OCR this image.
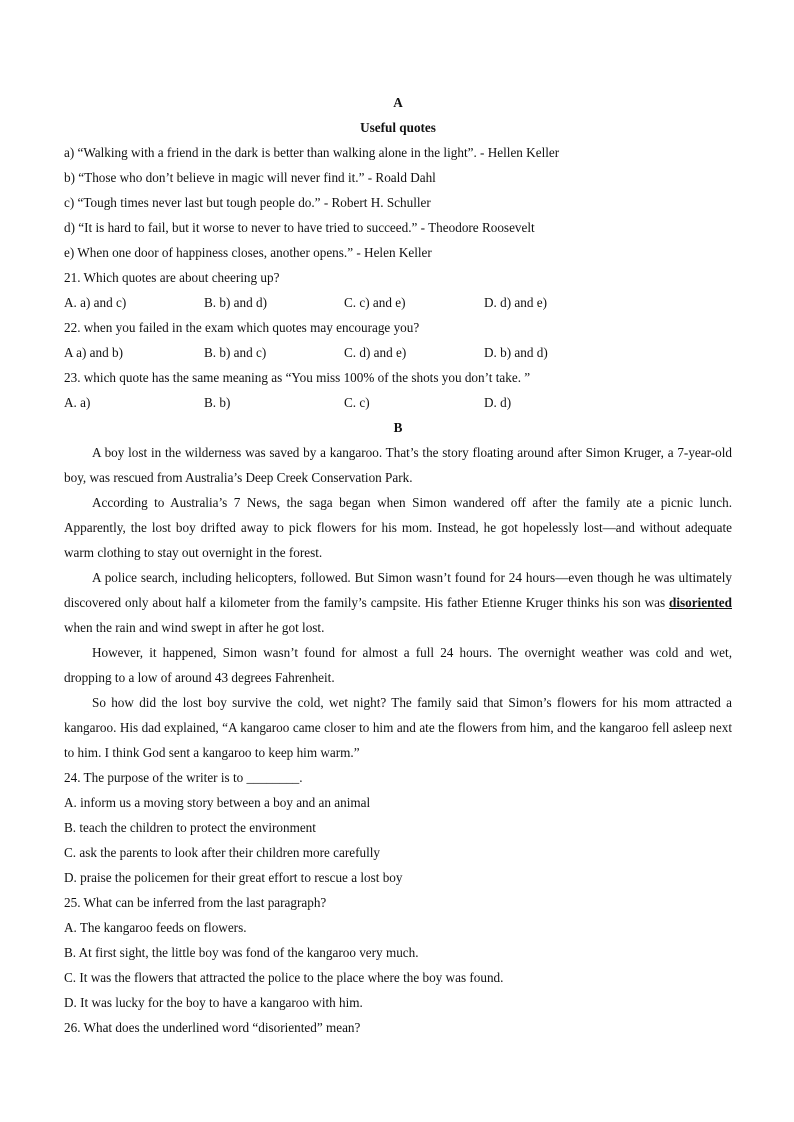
A
Useful quotes
a) “Walking with a friend in the dark is better than walking alone in the light”. - Hellen Keller
b) “Those who don’t believe in magic will never find it.” - Roald Dahl
c) “Tough times never last but tough people do.” - Robert H. Schuller
d) “It is hard to fail, but it worse to never to have tried to succeed.” - Theodore Roosevelt
e) When one door of happiness closes, another opens.” - Helen Keller
21. Which quotes are about cheering up?
A. a) and c)	B. b) and d)	C. c) and e)	D. d) and e)
22. when you failed in the exam which quotes may encourage you?
A a) and b)	B. b) and c)	C. d) and e)	D. b) and d)
23. which quote has the same meaning as “You miss 100% of the shots you don’t take. ”
A. a)	B. b)	C. c)	D. d)
B

A boy lost in the wilderness was saved by a kangaroo. That’s the story floating around after Simon Kruger, a 7-year-old boy, was rescued from Australia’s Deep Creek Conservation Park.

According to Australia’s 7 News, the saga began when Simon wandered off after the family ate a picnic lunch. Apparently, the lost boy drifted away to pick flowers for his mom. Instead, he got hopelessly lost—and without adequate warm clothing to stay out overnight in the forest.

A police search, including helicopters, followed. But Simon wasn’t found for 24 hours—even though he was ultimately discovered only about half a kilometer from the family’s campsite. His father Etienne Kruger thinks his son was disoriented when the rain and wind swept in after he got lost.

However, it happened, Simon wasn’t found for almost a full 24 hours. The overnight weather was cold and wet, dropping to a low of around 43 degrees Fahrenheit.

So how did the lost boy survive the cold, wet night? The family said that Simon’s flowers for his mom attracted a kangaroo. His dad explained, “A kangaroo came closer to him and ate the flowers from him, and the kangaroo fell asleep next to him. I think God sent a kangaroo to keep him warm.”

24. The purpose of the writer is to ________.
A. inform us a moving story between a boy and an animal
B. teach the children to protect the environment
C. ask the parents to look after their children more carefully
D. praise the policemen for their great effort to rescue a lost boy
25. What can be inferred from the last paragraph?
A. The kangaroo feeds on flowers.
B. At first sight, the little boy was fond of the kangaroo very much.
C. It was the flowers that attracted the police to the place where the boy was found.
D. It was lucky for the boy to have a kangaroo with him.
26. What does the underlined word “disoriented” mean?
